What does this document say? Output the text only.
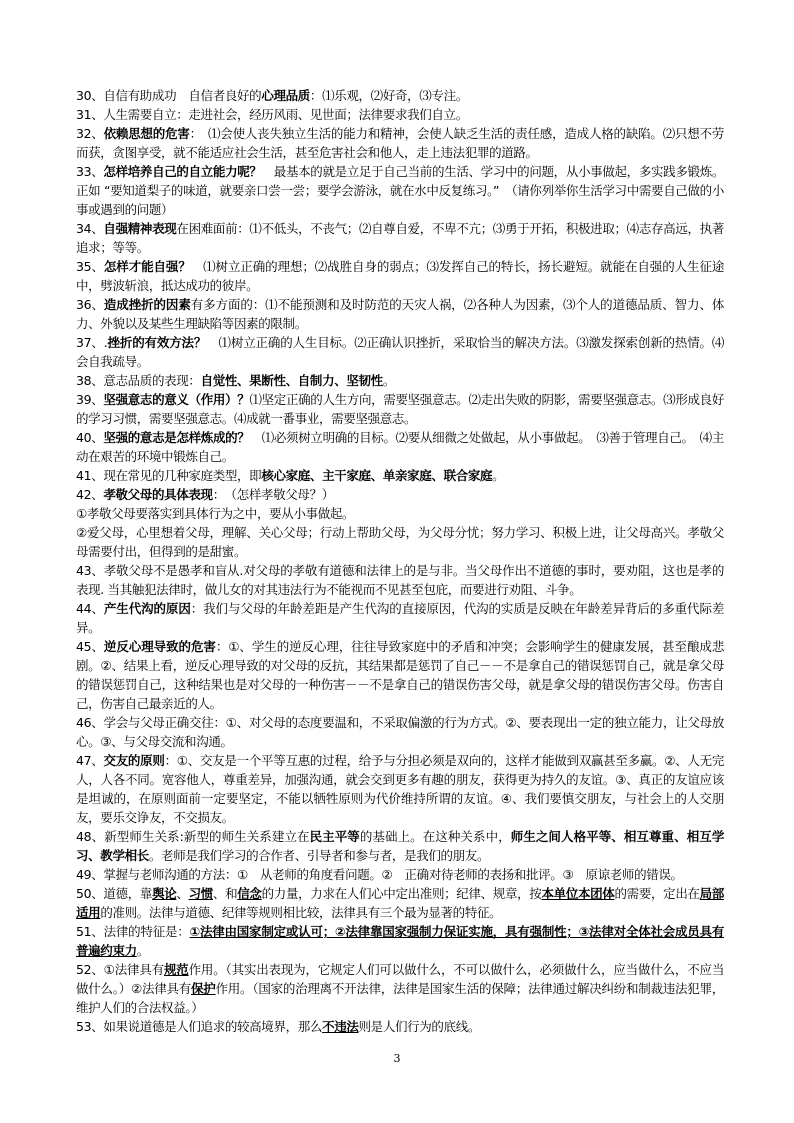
30、自信有助成功　自信者良好的心理品质：⑴乐观，⑵好奇，⑶专注。

31、人生需要自立：走进社会，经历风雨、见世面；法律要求我们自立。

32、依赖思想的危害：　⑴会使人丧失独立生活的能力和精神，会使人缺乏生活的责任感，造成人格的缺陷。⑵只想不劳而获，贪图享受，就不能适应社会生活，甚至危害社会和他人，走上违法犯罪的道路。

33、怎样培养自己的自立能力呢？　最基本的就是立足于自己当前的生活、学习中的问题，从小事做起，多实践多锻炼。正如 “要知道梨子的味道，就要亲口尝一尝；要学会游泳，就在水中反复练习。”　（请你列举你生活学习中需要自己做的小事或遇到的问题）

34、自强精神表现在困难面前：⑴不低头，不丧气；⑵自尊自爱，不卑不亢；⑶勇于开拓，积极进取；⑷志存高远，执著追求；等等。

35、怎样才能自强？　⑴树立正确的理想；⑵战胜自身的弱点；⑶发挥自己的特长，扬长避短。就能在自强的人生征途中，劈波斩浪，抵达成功的彼岸。

36、造成挫折的因素有多方面的：⑴不能预测和及时防范的天灾人祸，⑵各种人为因素，⑶个人的道德品质、智力、体力、外貌以及某些生理缺陷等因素的限制。

37、.挫折的有效方法？　⑴树立正确的人生目标。⑵正确认识挫折，采取恰当的解决方法。⑶激发探索创新的热情。⑷会自我疏导。

38、意志品质的表现：自觉性、果断性、自制力、坚韧性。

39、坚强意志的意义（作用）？⑴坚定正确的人生方向，需要坚强意志。⑵走出失败的阴影，需要坚强意志。⑶形成良好的学习习惯，需要坚强意志。⑷成就一番事业，需要坚强意志。

40、坚强的意志是怎样炼成的？　⑴必须树立明确的目标。⑵要从细微之处做起，从小事做起。　⑶善于管理自己。　⑷主动在艰苦的环境中锻炼自己。

41、现在常见的几种家庭类型，即核心家庭、主干家庭、单亲家庭、联合家庭。

42、孝敬父母的具体表现：　（怎样孝敬父母？）

①孝敬父母要落实到具体行为之中，要从小事做起。

②爱父母，心里想着父母，理解、关心父母；行动上帮助父母，为父母分忧；努力学习、积极上进，让父母高兴。孝敬父母需要付出，但得到的是甜蜜。

43、孝敬父母不是愚孝和盲从.对父母的孝敬有道德和法律上的是与非。当父母作出不道德的事时，要劝阻，这也是孝的表现. 当其触犯法律时，做儿女的对其违法行为不能视而不见甚至包庇，而要进行劝阻、斗争。

44、产生代沟的原因：我们与父母的年龄差距是产生代沟的直接原因，代沟的实质是反映在年龄差异背后的多重代际差异。

45、逆反心理导致的危害：①、学生的逆反心理，往往导致家庭中的矛盾和冲突；会影响学生的健康发展，甚至酿成悲剧。②、结果上看，逆反心理导致的对父母的反抗，其结果都是惩罚了自己－－不是拿自己的错误惩罚自己，就是拿父母的错误惩罚自己，这种结果也是对父母的一种伤害－－不是拿自己的错误伤害父母，就是拿父母的错误伤害父母。伤害自己，伤害自己最亲近的人。

46、学会与父母正确交往：①、对父母的态度要温和，不采取偏激的行为方式。②、要表现出一定的独立能力，让父母放心。③、与父母交流和沟通。

47、交友的原则：①、交友是一个平等互惠的过程，给予与分担必须是双向的，这样才能做到双赢甚至多赢。②、人无完人，人各不同。宽容他人，尊重差异，加强沟通，就会交到更多有趣的朋友，获得更为持久的友谊。③、真正的友谊应该是坦诚的，在原则面前一定要坚定，不能以牺牲原则为代价维持所谓的友谊。④、我们要慎交朋友，与社会上的人交朋友，要乐交诤友，不交损友。

48、新型师生关系:新型的师生关系建立在民主平等的基础上。在这种关系中，师生之间人格平等、相互尊重、相互学习、教学相长。老师是我们学习的合作者、引导者和参与者，是我们的朋友。

49、掌握与老师沟通的方法：①　从老师的角度看问题。②　正确对待老师的表扬和批评。③　原谅老师的错误。

50、道德，靠舆论、习惯、和信念的力量，力求在人们心中定出准则；纪律、规章，按本单位本团体的需要，定出在局部适用的准则。法律与道德、纪律等规则相比较，法律具有三个最为显著的特征。

51、法律的特征是：①法律由国家制定或认可；②法律靠国家强制力保证实施，具有强制性；③法律对全体社会成员具有普遍约束力。

52、①法律具有规范作用。（其实出表现为，它规定人们可以做什么，不可以做什么，必须做什么，应当做什么，不应当做什么。）②法律具有保护作用。（国家的治理离不开法律，法律是国家生活的保障；法律通过解决纠纷和制裁违法犯罪，维护人们的合法权益。）

53、如果说道德是人们追求的较高境界，那么不违法则是人们行为的底线。

3
